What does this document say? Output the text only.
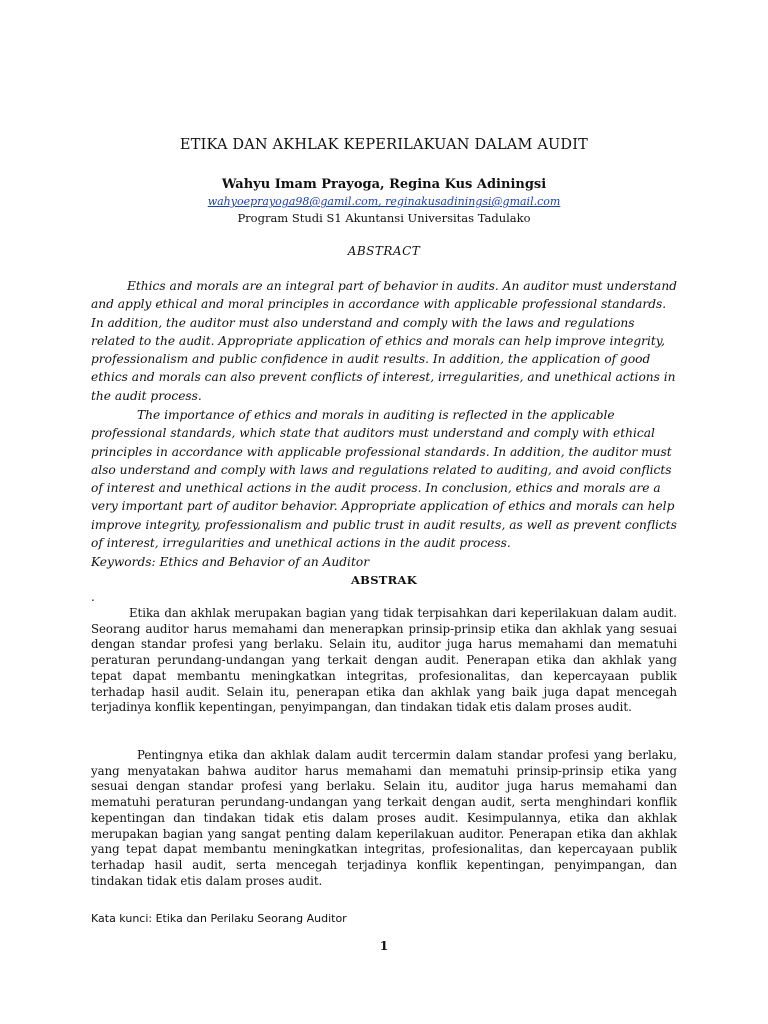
ETIKA DAN AKHLAK KEPERILAKUAN DALAM AUDIT
Wahyu Imam Prayoga, Regina Kus Adiningsi
wahyoeprayoga98@gamil.com, reginakusadiningsi@gmail.com
Program Studi S1 Akuntansi Universitas Tadulako
ABSTRACT

Ethics and morals are an integral part of behavior in audits. An auditor must understand and apply ethical and moral principles in accordance with applicable professional standards. In addition, the auditor must also understand and comply with the laws and regulations related to the audit. Appropriate application of ethics and morals can help improve integrity, professionalism and public confidence in audit results. In addition, the application of good ethics and morals can also prevent conflicts of interest, irregularities, and unethical actions in the audit process.

The importance of ethics and morals in auditing is reflected in the applicable professional standards, which state that auditors must understand and comply with ethical principles in accordance with applicable professional standards. In addition, the auditor must also understand and comply with laws and regulations related to auditing, and avoid conflicts of interest and unethical actions in the audit process. In conclusion, ethics and morals are a very important part of auditor behavior. Appropriate application of ethics and morals can help improve integrity, professionalism and public trust in audit results, as well as prevent conflicts of interest, irregularities and unethical actions in the audit process.

Keywords: Ethics and Behavior of an Auditor

ABSTRAK
.

Etika dan akhlak merupakan bagian yang tidak terpisahkan dari keperilakuan dalam audit. Seorang auditor harus memahami dan menerapkan prinsip-prinsip etika dan akhlak yang sesuai dengan standar profesi yang berlaku. Selain itu, auditor juga harus memahami dan mematuhi peraturan perundang-undangan yang terkait dengan audit. Penerapan etika dan akhlak yang tepat dapat membantu meningkatkan integritas, profesionalitas, dan kepercayaan publik terhadap hasil audit. Selain itu, penerapan etika dan akhlak yang baik juga dapat mencegah terjadinya konflik kepentingan, penyimpangan, dan tindakan tidak etis dalam proses audit.

Pentingnya etika dan akhlak dalam audit tercermin dalam standar profesi yang berlaku, yang menyatakan bahwa auditor harus memahami dan mematuhi prinsip-prinsip etika yang sesuai dengan standar profesi yang berlaku. Selain itu, auditor juga harus memahami dan mematuhi peraturan perundang-undangan yang terkait dengan audit, serta menghindari konflik kepentingan dan tindakan tidak etis dalam proses audit. Kesimpulannya, etika dan akhlak merupakan bagian yang sangat penting dalam keperilakuan auditor. Penerapan etika dan akhlak yang tepat dapat membantu meningkatkan integritas, profesionalitas, dan kepercayaan publik terhadap hasil audit, serta mencegah terjadinya konflik kepentingan, penyimpangan, dan tindakan tidak etis dalam proses audit.

Kata kunci: Etika dan Perilaku Seorang Auditor

1
